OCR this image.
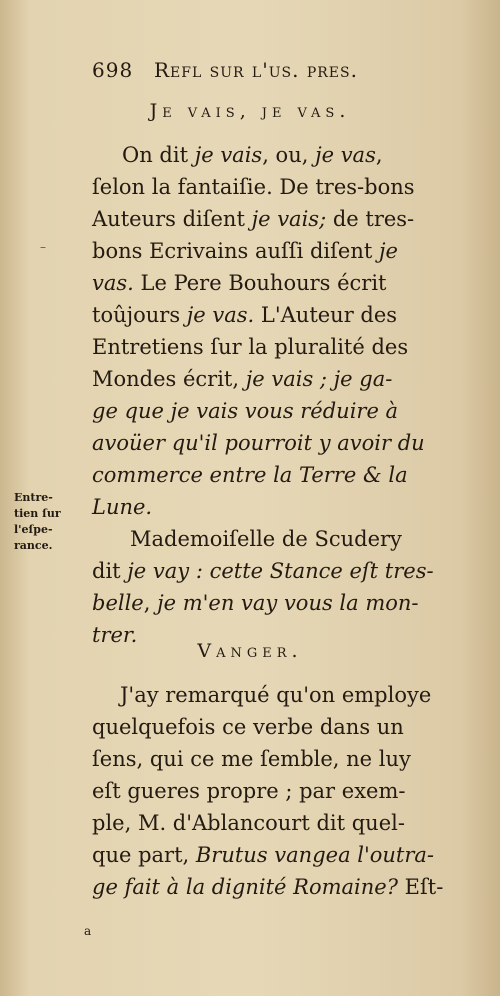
698 Refl sur l'us. pres.
Je vais, je vas.
On dit je vais, ou, je vas,
ſelon la fantaiſie. De tres-bons
Auteurs diſent je vais; de tres-
bons Ecrivains auſſi diſent je
vas. Le Pere Bouhours écrit
toûjours je vas. L'Auteur des
Entretiens ſur la pluralité des
Mondes écrit, je vais ; je ga-
ge que je vais vous réduire à
avoüer qu'il pourroit y avoir du
commerce entre la Terre & la
Lune.
Mademoiſelle de Scudery
dit je vay : cette Stance eſt tres-
belle, je m'en vay vous la mon-
trer.
–
Entre-
tien ſur
l'eſpe-
rance.
Vanger.
J'ay remarqué qu'on employe
quelquefois ce verbe dans un
ſens, qui ce me ſemble, ne luy
eſt gueres propre ; par exem-
ple, M. d'Ablancourt dit quel-
que part, Brutus vangea l'outra-
ge fait à la dignité Romaine? Eſt-
a
